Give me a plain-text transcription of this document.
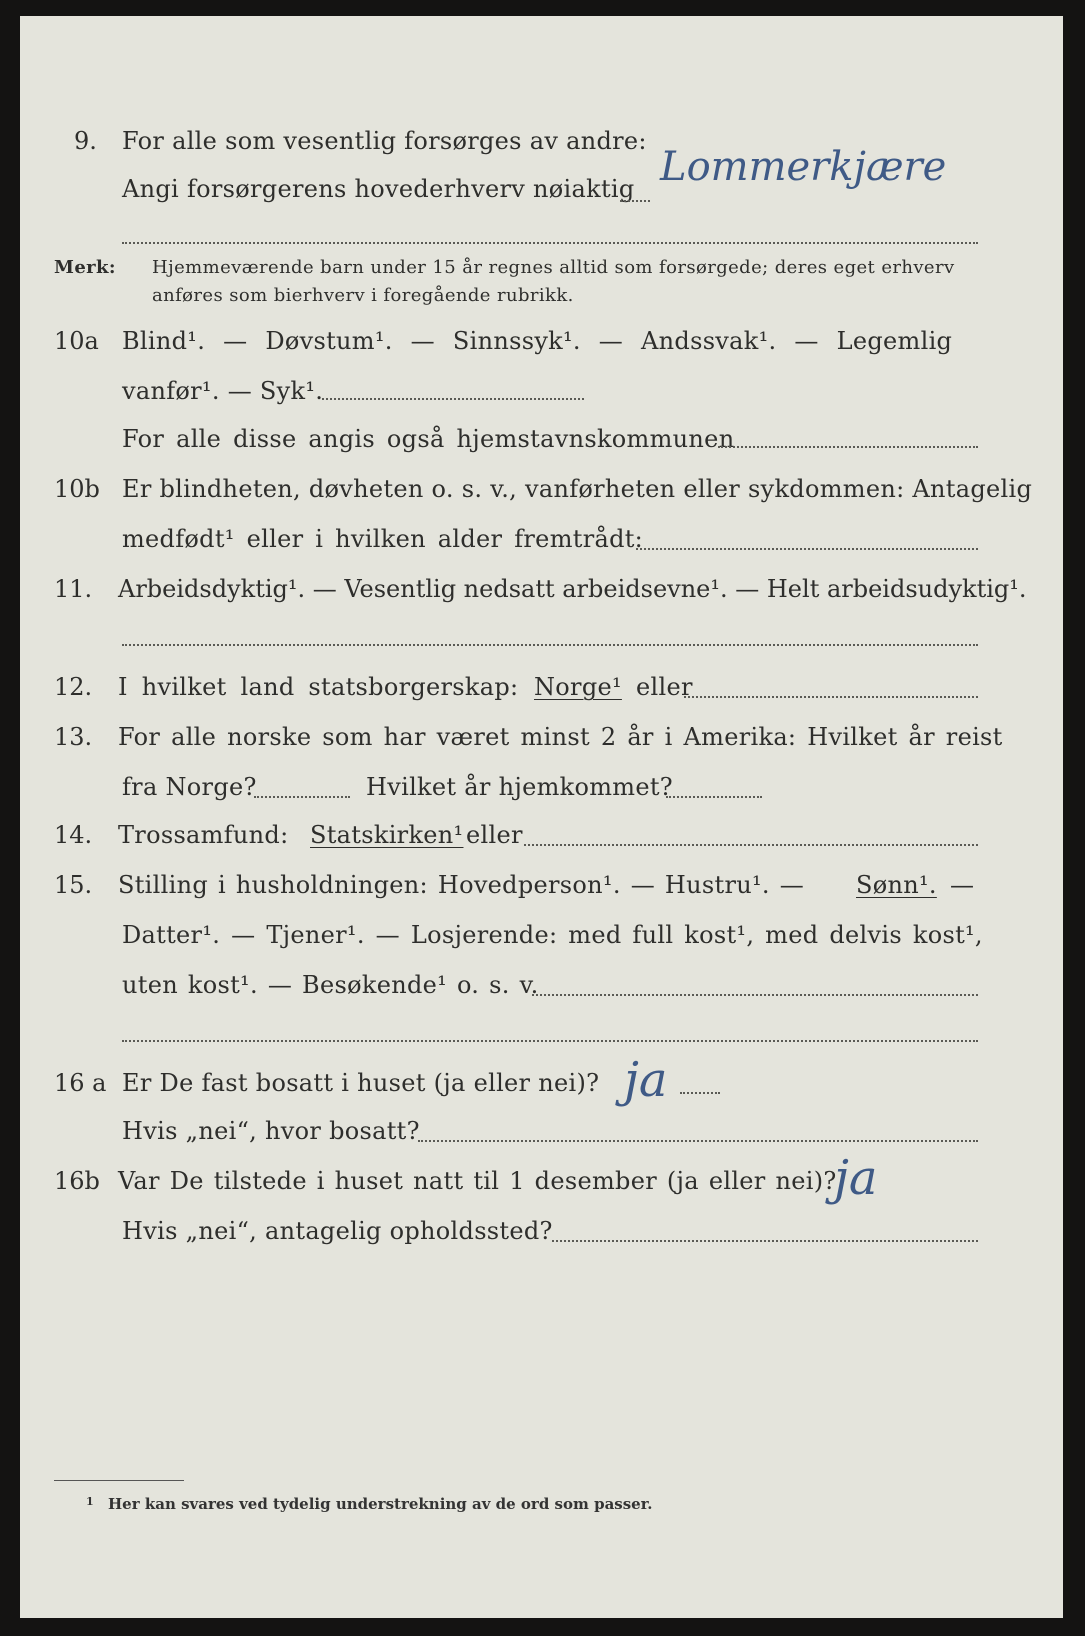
9. For alle som vesentlig forsørges av andre:
Angi forsørgerens hovederhverv nøiaktig Lommerkjære
Merk: Hjemmeværende barn under 15 år regnes alltid som forsørgede; deres eget erhverv
anføres som bierhverv i foregående rubrikk.
10a Blind¹. — Døvstum¹. — Sinnssyk¹. — Andssvak¹. — Legemlig
vanfør¹. — Syk¹.
For alle disse angis også hjemstavnskommunen
10b Er blindheten, døvheten o. s. v., vanførheten eller sykdommen: Antagelig
medfødt¹ eller i hvilken alder fremtrådt:
11. Arbeidsdyktig¹. — Vesentlig nedsatt arbeidsevne¹. — Helt arbeidsudyktig¹.
12. I hvilket land statsborgerskap: Norge¹ eller
13. For alle norske som har været minst 2 år i Amerika: Hvilket år reist
fra Norge?	Hvilket år hjemkommet?
14. Trossamfund: Statskirken¹ eller
15. Stilling i husholdningen: Hovedperson¹. — Hustru¹. — Sønn¹. —
Datter¹. — Tjener¹. — Losjerende: med full kost¹, med delvis kost¹,
uten kost¹. — Besøkende¹ o. s. v.
16 a Er De fast bosatt i huset (ja eller nei)? ja
Hvis „nei“, hvor bosatt?
16b Var De tilstede i huset natt til 1 desember (ja eller nei)?
ja
Hvis „nei“, antagelig opholdssted?
1 Her kan svares ved tydelig understrekning av de ord som passer.
